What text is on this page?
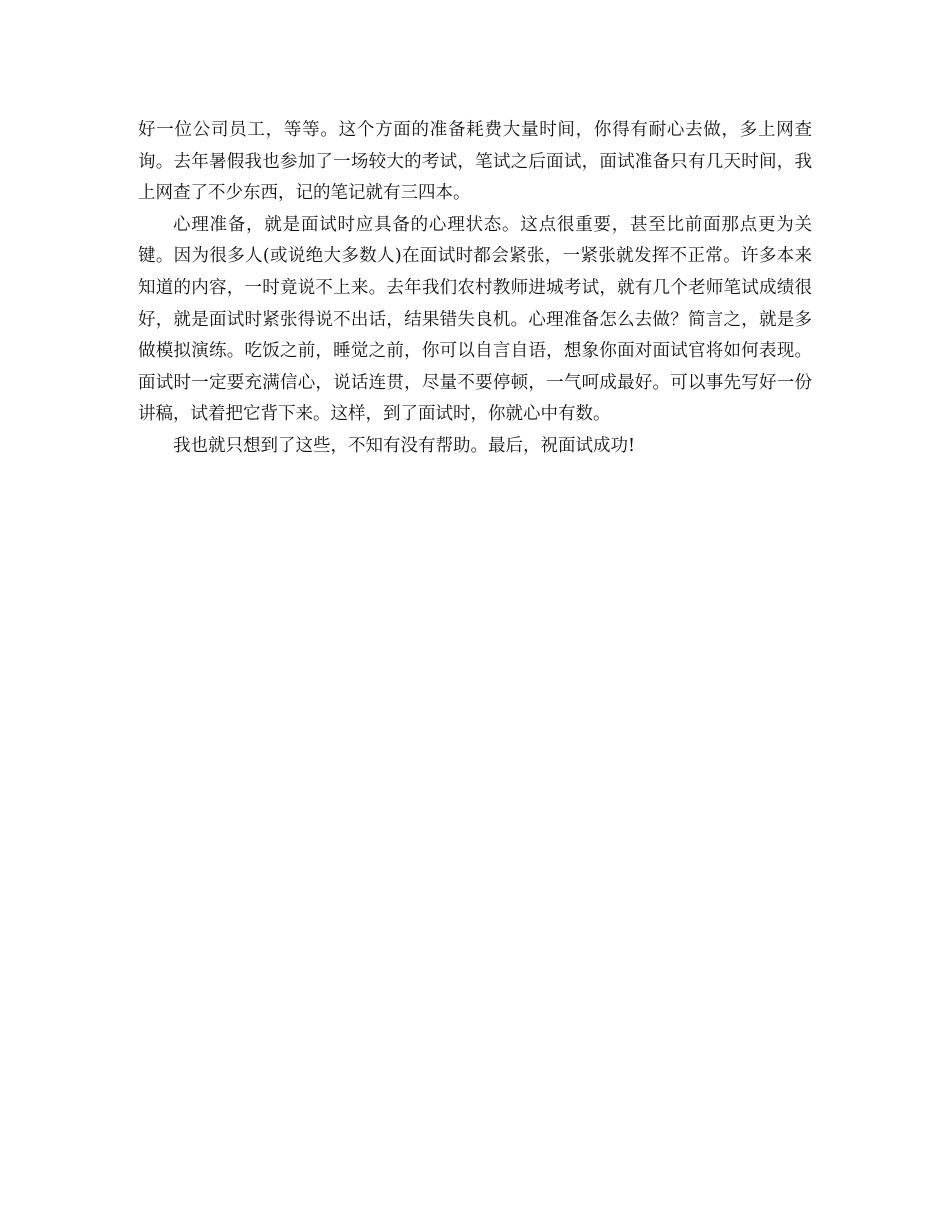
好一位公司员工，等等。这个方面的准备耗费大量时间，你得有耐心去做，多上网查询。去年暑假我也参加了一场较大的考试，笔试之后面试，面试准备只有几天时间，我上网查了不少东西，记的笔记就有三四本。

心理准备，就是面试时应具备的心理状态。这点很重要，甚至比前面那点更为关键。因为很多人(或说绝大多数人)在面试时都会紧张，一紧张就发挥不正常。许多本来知道的内容，一时竟说不上来。去年我们农村教师进城考试，就有几个老师笔试成绩很好，就是面试时紧张得说不出话，结果错失良机。心理准备怎么去做？简言之，就是多做模拟演练。吃饭之前，睡觉之前，你可以自言自语，想象你面对面试官将如何表现。面试时一定要充满信心，说话连贯，尽量不要停顿，一气呵成最好。可以事先写好一份讲稿，试着把它背下来。这样，到了面试时，你就心中有数。

我也就只想到了这些，不知有没有帮助。最后，祝面试成功!
